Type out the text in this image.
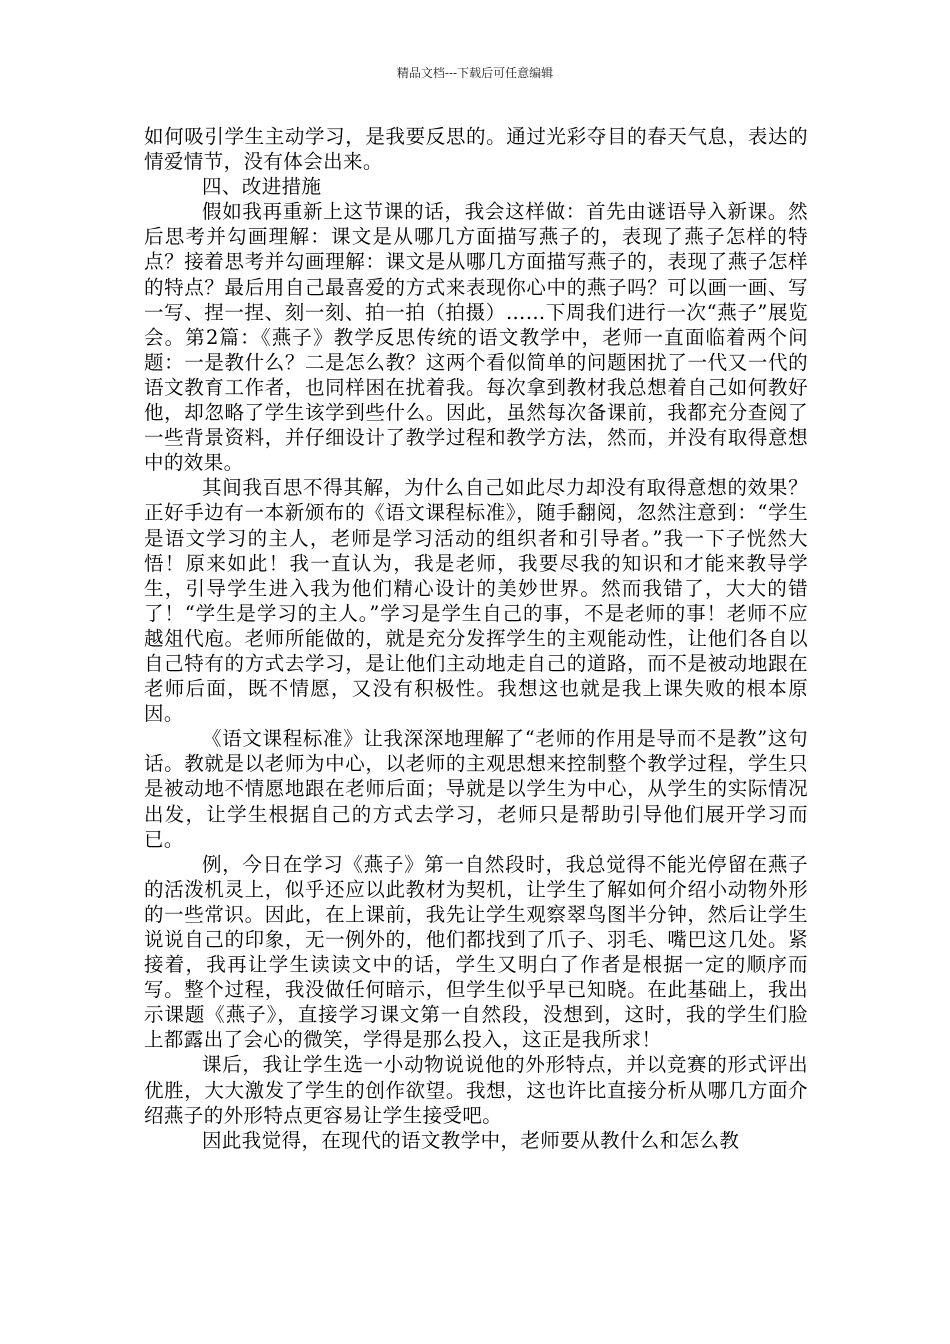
精品文档---下载后可任意编辑

如何吸引学生主动学习，是我要反思的。通过光彩夺目的春天气息，表达的情爱情节，没有体会出来。

四、改进措施

假如我再重新上这节课的话，我会这样做：首先由谜语导入新课。然后思考并勾画理解：课文是从哪几方面描写燕子的，表现了燕子怎样的特点？接着思考并勾画理解：课文是从哪几方面描写燕子的，表现了燕子怎样的特点？最后用自己最喜爱的方式来表现你心中的燕子吗？可以画一画、写一写、捏一捏、刻一刻、拍一拍（拍摄）……下周我们进行一次“燕子”展览会。第2篇：《燕子》教学反思传统的语文教学中，老师一直面临着两个问题：一是教什么？二是怎么教？这两个看似简单的问题困扰了一代又一代的语文教育工作者，也同样困在扰着我。每次拿到教材我总想着自己如何教好他，却忽略了学生该学到些什么。因此，虽然每次备课前，我都充分查阅了一些背景资料，并仔细设计了教学过程和教学方法，然而，并没有取得意想中的效果。

其间我百思不得其解，为什么自己如此尽力却没有取得意想的效果？正好手边有一本新颁布的《语文课程标准》，随手翻阅，忽然注意到：“学生是语文学习的主人，老师是学习活动的组织者和引导者。”我一下子恍然大悟！原来如此！我一直认为，我是老师，我要尽我的知识和才能来教导学生，引导学生进入我为他们精心设计的美妙世界。然而我错了，大大的错了！“学生是学习的主人。”学习是学生自己的事，不是老师的事！老师不应越俎代庖。老师所能做的，就是充分发挥学生的主观能动性，让他们各自以自己特有的方式去学习，是让他们主动地走自己的道路，而不是被动地跟在老师后面，既不情愿，又没有积极性。我想这也就是我上课失败的根本原因。

《语文课程标准》让我深深地理解了“老师的作用是导而不是教”这句话。教就是以老师为中心，以老师的主观思想来控制整个教学过程，学生只是被动地不情愿地跟在老师后面；导就是以学生为中心，从学生的实际情况出发，让学生根据自己的方式去学习，老师只是帮助引导他们展开学习而已。

例，今日在学习《燕子》第一自然段时，我总觉得不能光停留在燕子的活泼机灵上，似乎还应以此教材为契机，让学生了解如何介绍小动物外形的一些常识。因此，在上课前，我先让学生观察翠鸟图半分钟，然后让学生说说自己的印象，无一例外的，他们都找到了爪子、羽毛、嘴巴这几处。紧接着，我再让学生读读文中的话，学生又明白了作者是根据一定的顺序而写。整个过程，我没做任何暗示，但学生似乎早已知晓。在此基础上，我出示课题《燕子》，直接学习课文第一自然段，没想到，这时，我的学生们脸上都露出了会心的微笑，学得是那么投入，这正是我所求！

课后，我让学生选一小动物说说他的外形特点，并以竞赛的形式评出优胜，大大激发了学生的创作欲望。我想，这也许比直接分析从哪几方面介绍燕子的外形特点更容易让学生接受吧。

因此我觉得，在现代的语文教学中，老师要从教什么和怎么教
